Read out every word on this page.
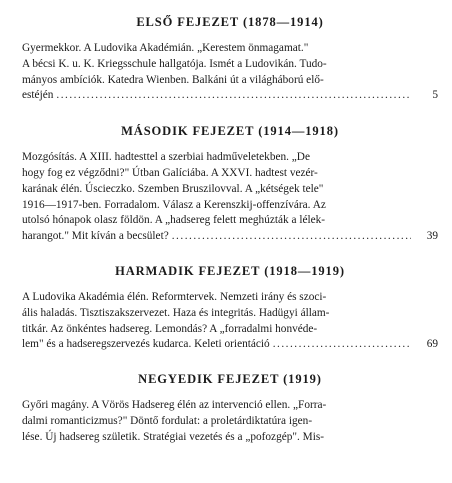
ELSŐ FEJEZET (1878—1914)
Gyermekkor. A Ludovika Akadémián. „Kerestem önmagamat."
A bécsi K. u. K. Kriegsschule hallgatója. Ismét a Ludovikán. Tudo-
mányos ambíciók. Katedra Wienben. Balkáni út a világháború elő-
estéjén .....	5
MÁSODIK FEJEZET (1914—1918)
Mozgósítás. A XIII. hadtesttel a szerbiai hadműveletekben. „De
hogy fog ez végződni?" Útban Galíciába. A XXVI. hadtest vezér-
karának élén. Úscieczko. Szemben Bruszilovval. A „kétségek tele"
1916—1917-ben. Forradalom. Válasz a Kerenszkij-offenzívára. Az
utolsó hónapok olasz földön. A „hadsereg felett meghúzták a lélek-
harangot." Mit kíván a becsület? .....	39
HARMADIK FEJEZET (1918—1919)
A Ludovika Akadémia élén. Reformtervek. Nemzeti irány és szoci-
ális haladás. Tisztiszakszervezet. Haza és integritás. Hadügyi állam-
titkár. Az önkéntes hadsereg. Lemondás? A „forradalmi honvéde-
lem" és a hadseregszervezés kudarca. Keleti orientáció .....	69
NEGYEDIK FEJEZET (1919)
Győri magány. A Vörös Hadsereg élén az intervenció ellen. „Forra-
dalmi romanticizmus?" Döntő fordulat: a proletárdiktatúra igen-
lése. Új hadsereg születik. Stratégiai vezetés és a „pofozgép". Mis-
